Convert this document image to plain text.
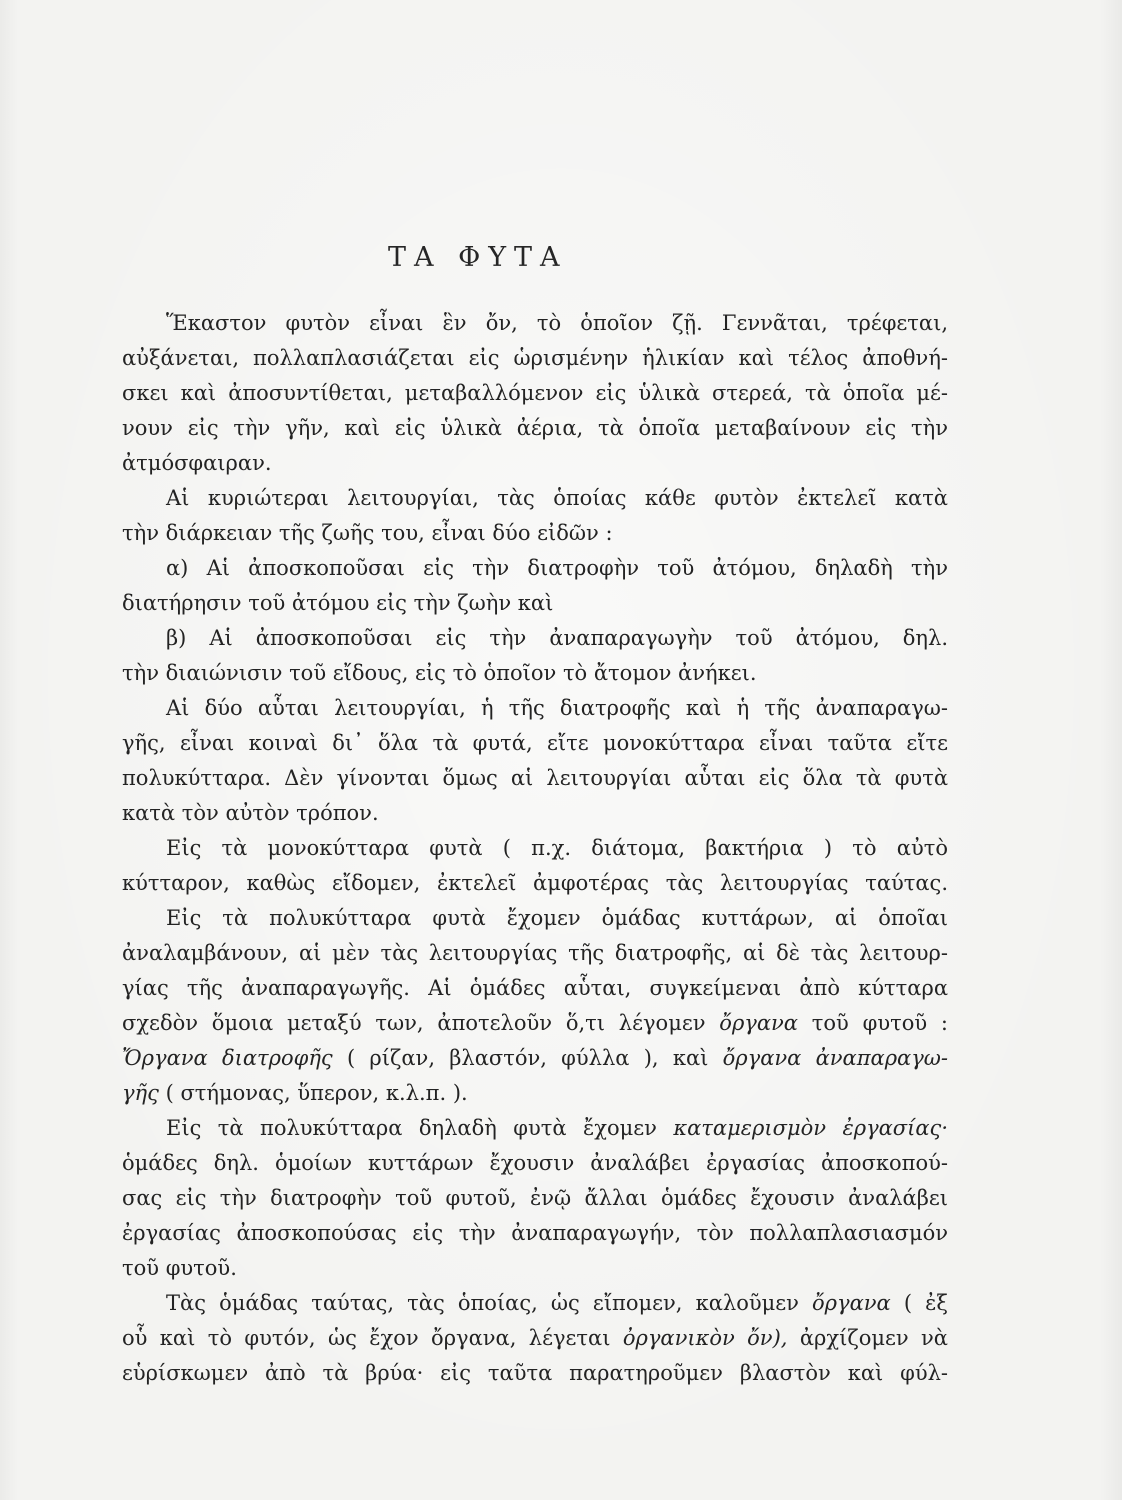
ΤΑ ΦΥΤΑ
Ἕκαστον φυτὸν εἶναι ἓν ὄν, τὸ ὁποῖον ζῇ. Γεννᾶται, τρέφεται,
αὐξάνεται, πολλαπλασιάζεται εἰς ὡρισμένην ἡλικίαν καὶ τέλος ἀποθνή-
σκει καὶ ἀποσυντίθεται, μεταβαλλόμενον εἰς ὑλικὰ στερεά, τὰ ὁποῖα μέ-
νουν εἰς τὴν γῆν, καὶ εἰς ὑλικὰ ἀέρια, τὰ ὁποῖα μεταβαίνουν εἰς τὴν
ἀτμόσφαιραν.
Αἱ κυριώτεραι λειτουργίαι, τὰς ὁποίας κάθε φυτὸν ἐκτελεῖ κατὰ
τὴν διάρκειαν τῆς ζωῆς του, εἶναι δύο εἰδῶν :
α) Αἱ ἀποσκοποῦσαι εἰς τὴν διατροφὴν τοῦ ἀτόμου, δηλαδὴ τὴν
διατήρησιν τοῦ ἀτόμου εἰς τὴν ζωὴν καὶ
β) Αἱ ἀποσκοποῦσαι εἰς τὴν ἀναπαραγωγὴν τοῦ ἀτόμου, δηλ.
τὴν διαιώνισιν τοῦ εἴδους, εἰς τὸ ὁποῖον τὸ ἄτομον ἀνήκει.
Αἱ δύο αὗται λειτουργίαι, ἡ τῆς διατροφῆς καὶ ἡ τῆς ἀναπαραγω-
γῆς, εἶναι κοιναὶ δι᾿ ὅλα τὰ φυτά, εἴτε μονοκύτταρα εἶναι ταῦτα εἴτε
πολυκύτταρα. Δὲν γίνονται ὅμως αἱ λειτουργίαι αὗται εἰς ὅλα τὰ φυτὰ
κατὰ τὸν αὐτὸν τρόπον.
Εἰς τὰ μονοκύτταρα φυτὰ ( π.χ. διάτομα, βακτήρια ) τὸ αὐτὸ
κύτταρον, καθὼς εἴδομεν, ἐκτελεῖ ἀμφοτέρας τὰς λειτουργίας ταύτας.
Εἰς τὰ πολυκύτταρα φυτὰ ἔχομεν ὁμάδας κυττάρων, αἱ ὁποῖαι
ἀναλαμβάνουν, αἱ μὲν τὰς λειτουργίας τῆς διατροφῆς, αἱ δὲ τὰς λειτουρ-
γίας τῆς ἀναπαραγωγῆς. Αἱ ὁμάδες αὗται, συγκείμεναι ἀπὸ κύτταρα
σχεδὸν ὅμοια μεταξύ των, ἀποτελοῦν ὅ,τι λέγομεν ὄργανα τοῦ φυτοῦ :
Ὄργανα διατροφῆς ( ρίζαν, βλαστόν, φύλλα ), καὶ ὄργανα ἀναπαραγω-
γῆς ( στήμονας, ὕπερον, κ.λ.π. ).
Εἰς τὰ πολυκύτταρα δηλαδὴ φυτὰ ἔχομεν καταμερισμὸν ἐργασίας·
ὁμάδες δηλ. ὁμοίων κυττάρων ἔχουσιν ἀναλάβει ἐργασίας ἀποσκοπού-
σας εἰς τὴν διατροφὴν τοῦ φυτοῦ, ἐνῷ ἄλλαι ὁμάδες ἔχουσιν ἀναλάβει
ἐργασίας ἀποσκοπούσας εἰς τὴν ἀναπαραγωγήν, τὸν πολλαπλασιασμόν
τοῦ φυτοῦ.
Τὰς ὁμάδας ταύτας, τὰς ὁποίας, ὡς εἴπομεν, καλοῦμεν ὄργανα ( ἐξ
οὗ καὶ τὸ φυτόν, ὡς ἔχον ὄργανα, λέγεται ὀργανικὸν ὄν), ἀρχίζομεν νὰ
εὑρίσκωμεν ἀπὸ τὰ βρύα· εἰς ταῦτα παρατηροῦμεν βλαστὸν καὶ φύλ-
